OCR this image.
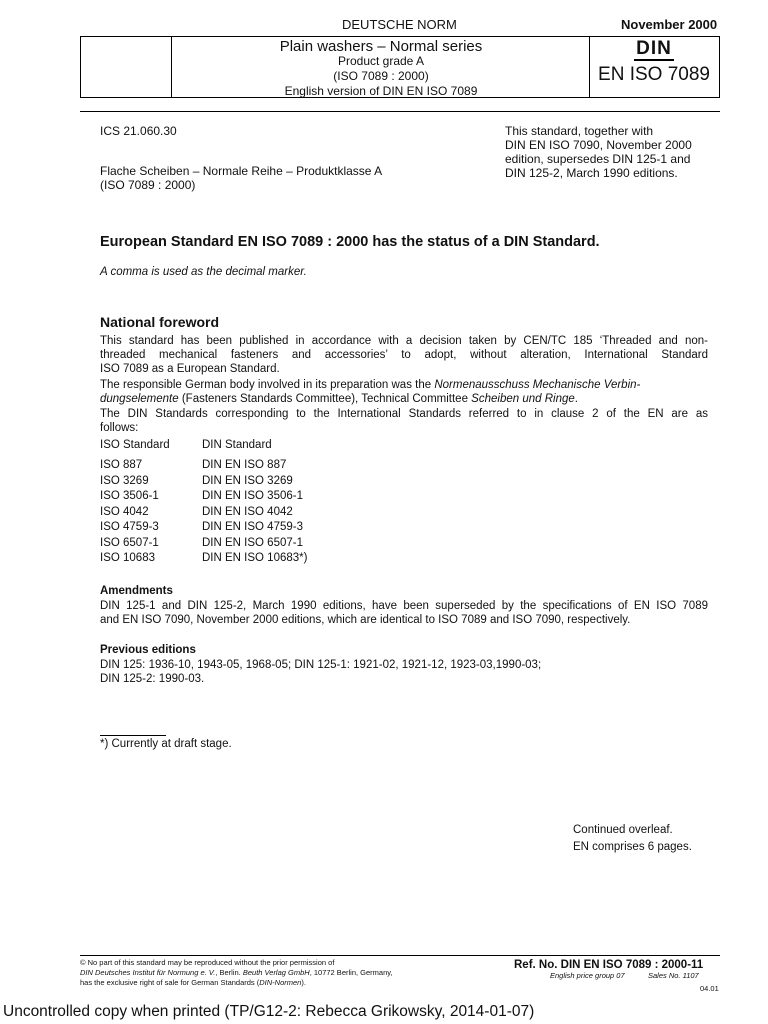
DEUTSCHE NORM	November 2000
Plain washers – Normal series
Product grade A
(ISO 7089 : 2000)
English version of DIN EN ISO 7089
DIN
EN ISO 7089
ICS 21.060.30
Flache Scheiben – Normale Reihe – Produktklasse A
(ISO 7089 : 2000)
This standard, together with
DIN EN ISO 7090, November 2000
edition, supersedes DIN 125-1 and
DIN 125-2, March 1990 editions.
European Standard EN ISO 7089 : 2000 has the status of a DIN Standard.
A comma is used as the decimal marker.
National foreword
This standard has been published in accordance with a decision taken by CEN/TC 185 ‘Threaded and non-
threaded mechanical fasteners and accessories’ to adopt, without alteration, International Standard
ISO 7089 as a European Standard.
The responsible German body involved in its preparation was the Normenausschuss Mechanische Verbin-
dungselemente (Fasteners Standards Committee), Technical Committee Scheiben und Ringe.
The DIN Standards corresponding to the International Standards referred to in clause 2 of the EN are as
follows:
ISO Standard	DIN Standard
ISO 887	DIN EN ISO 887
ISO 3269	DIN EN ISO 3269
ISO 3506-1	DIN EN ISO 3506-1
ISO 4042	DIN EN ISO 4042
ISO 4759-3	DIN EN ISO 4759-3
ISO 6507-1	DIN EN ISO 6507-1
ISO 10683	DIN EN ISO 10683*)
Amendments
DIN 125-1 and DIN 125-2, March 1990 editions, have been superseded by the specifications of EN ISO 7089
and EN ISO 7090, November 2000 editions, which are identical to ISO 7089 and ISO 7090, respectively.
Previous editions
DIN 125: 1936-10, 1943-05, 1968-05; DIN 125-1: 1921-02, 1921-12, 1923-03,1990-03;
DIN 125-2: 1990-03.
*) Currently at draft stage.
Continued overleaf.
EN comprises 6 pages.
© No part of this standard may be reproduced without the prior permission of
DIN Deutsches Institut für Normung e. V., Berlin. Beuth Verlag GmbH, 10772 Berlin, Germany,
has the exclusive right of sale for German Standards (DIN-Normen).
Ref. No. DIN EN ISO 7089 : 2000-11
English price group 07	Sales No. 1107
04.01
Uncontrolled copy when printed (TP/G12-2: Rebecca Grikowsky, 2014-01-07)
